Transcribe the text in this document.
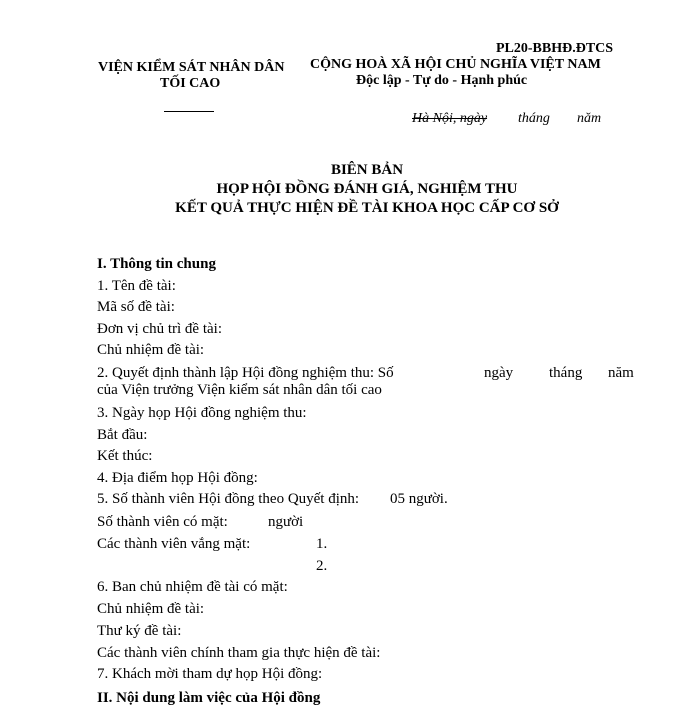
PL20-BBHĐ.ĐTCS
VIỆN KIỂM SÁT NHÂN DÂN
TỐI CAO
CỘNG HOÀ XÃ HỘI CHỦ NGHĨA VIỆT NAM
Độc lập - Tự do - Hạnh phúc
Hà Nội, ngày tháng năm
BIÊN BẢN
HỌP HỘI ĐỒNG ĐÁNH GIÁ, NGHIỆM THU
KẾT QUẢ THỰC HIỆN ĐỀ TÀI KHOA HỌC CẤP CƠ SỞ
I. Thông tin chung
1. Tên đề tài:
Mã số đề tài:
Đơn vị chủ trì đề tài:
Chủ nhiệm đề tài:
2. Quyết định thành lập Hội đồng nghiệm thu: Số	ngày tháng năm
của Viện trưởng Viện kiểm sát nhân dân tối cao
3. Ngày họp Hội đồng nghiệm thu:
Bắt đầu:
Kết thúc:
4. Địa điểm họp Hội đồng:
5. Số thành viên Hội đồng theo Quyết định: 05 người.
Số thành viên có mặt:	người
Các thành viên vắng mặt:	1.
2.
6. Ban chủ nhiệm đề tài có mặt:
Chủ nhiệm đề tài:
Thư ký đề tài:
Các thành viên chính tham gia thực hiện đề tài:
7. Khách mời tham dự họp Hội đồng:
II. Nội dung làm việc của Hội đồng
